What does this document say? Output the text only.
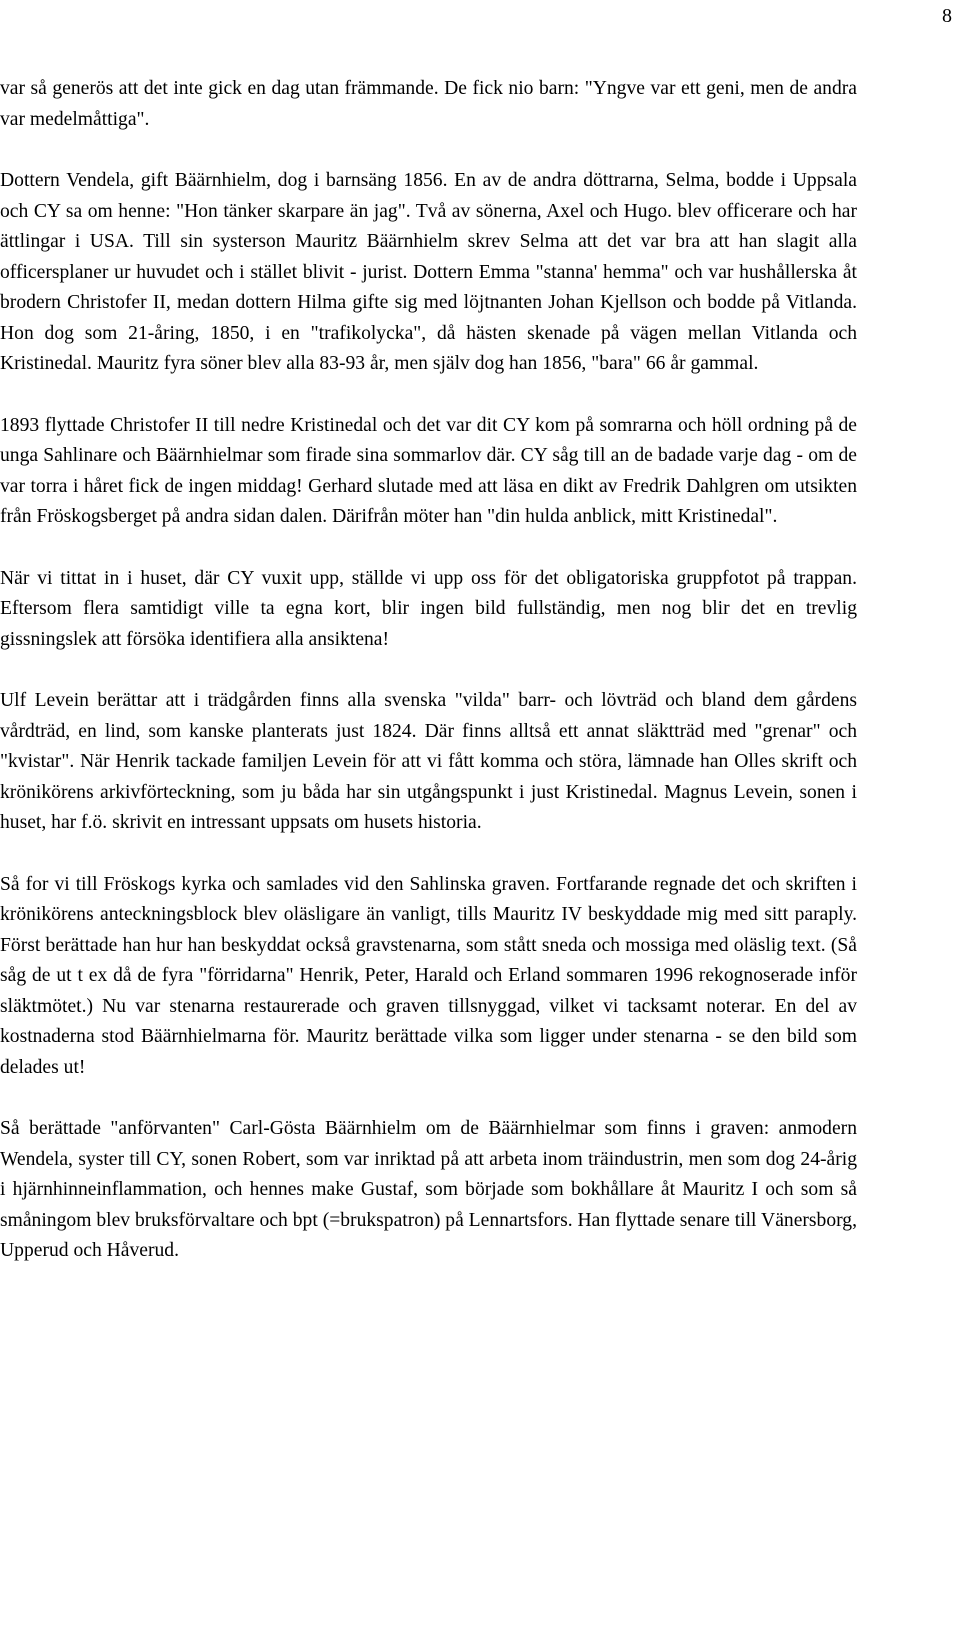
8

var så generös att det inte gick en dag utan främmande. De fick nio barn: "Yngve var ett geni, men de andra var medelmåttiga".

Dottern Vendela, gift Bäärnhielm, dog i barnsäng 1856. En av de andra döttrarna, Selma, bodde i Uppsala och CY sa om henne: "Hon tänker skarpare än jag". Två av sönerna, Axel och Hugo. blev officerare och har ättlingar i USA. Till sin systerson Mauritz Bäärnhielm skrev Selma att det var bra att han slagit alla officersplaner ur huvudet och i stället blivit - jurist. Dottern Emma "stanna' hemma" och var hushållerska åt brodern Christofer II, medan dottern Hilma gifte sig med löjtnanten Johan Kjellson och bodde på Vitlanda. Hon dog som 21-åring, 1850, i en "trafikolycka", då hästen skenade på vägen mellan Vitlanda och Kristinedal. Mauritz fyra söner blev alla 83-93 år, men själv dog han 1856, "bara" 66 år gammal.

1893 flyttade Christofer II till nedre Kristinedal och det var dit CY kom på somrarna och höll ordning på de unga Sahlinare och Bäärnhielmar som firade sina sommarlov där. CY såg till an de badade varje dag - om de var torra i håret fick de ingen middag! Gerhard slutade med att läsa en dikt av Fredrik Dahlgren om utsikten från Fröskogsberget på andra sidan dalen. Därifrån möter han "din hulda anblick, mitt Kristinedal".

När vi tittat in i huset, där CY vuxit upp, ställde vi upp oss för det obligatoriska gruppfotot på trappan. Eftersom flera samtidigt ville ta egna kort, blir ingen bild fullständig, men nog blir det en trevlig gissningslek att försöka identifiera alla ansiktena!

Ulf Levein berättar att i trädgården finns alla svenska "vilda" barr- och lövträd och bland dem gårdens vårdträd, en lind, som kanske planterats just 1824. Där finns alltså ett annat släktträd med "grenar" och "kvistar". När Henrik tackade familjen Levein för att vi fått komma och störa, lämnade han Olles skrift och krönikörens arkivförteckning, som ju båda har sin utgångspunkt i just Kristinedal. Magnus Levein, sonen i huset, har f.ö. skrivit en intressant uppsats om husets historia.

Så for vi till Fröskogs kyrka och samlades vid den Sahlinska graven. Fortfarande regnade det och skriften i krönikörens anteckningsblock blev oläsligare än vanligt, tills Mauritz IV beskyddade mig med sitt paraply. Först berättade han hur han beskyddat också gravstenarna, som stått sneda och mossiga med oläslig text. (Så såg de ut t ex då de fyra "förridarna" Henrik, Peter, Harald och Erland sommaren 1996 rekognoserade inför släktmötet.) Nu var stenarna restaurerade och graven tillsnyggad, vilket vi tacksamt noterar. En del av kostnaderna stod Bäärnhielmarna för. Mauritz berättade vilka som ligger under stenarna - se den bild som delades ut!

Så berättade "anförvanten" Carl-Gösta Bäärnhielm om de Bäärnhielmar som finns i graven: anmodern Wendela, syster till CY, sonen Robert, som var inriktad på att arbeta inom träindustrin, men som dog 24-årig i hjärnhinneinflammation, och hennes make Gustaf, som började som bokhållare åt Mauritz I och som så småningom blev bruksförvaltare och bpt (=brukspatron) på Lennartsfors. Han flyttade senare till Vänersborg, Upperud och Håverud.
